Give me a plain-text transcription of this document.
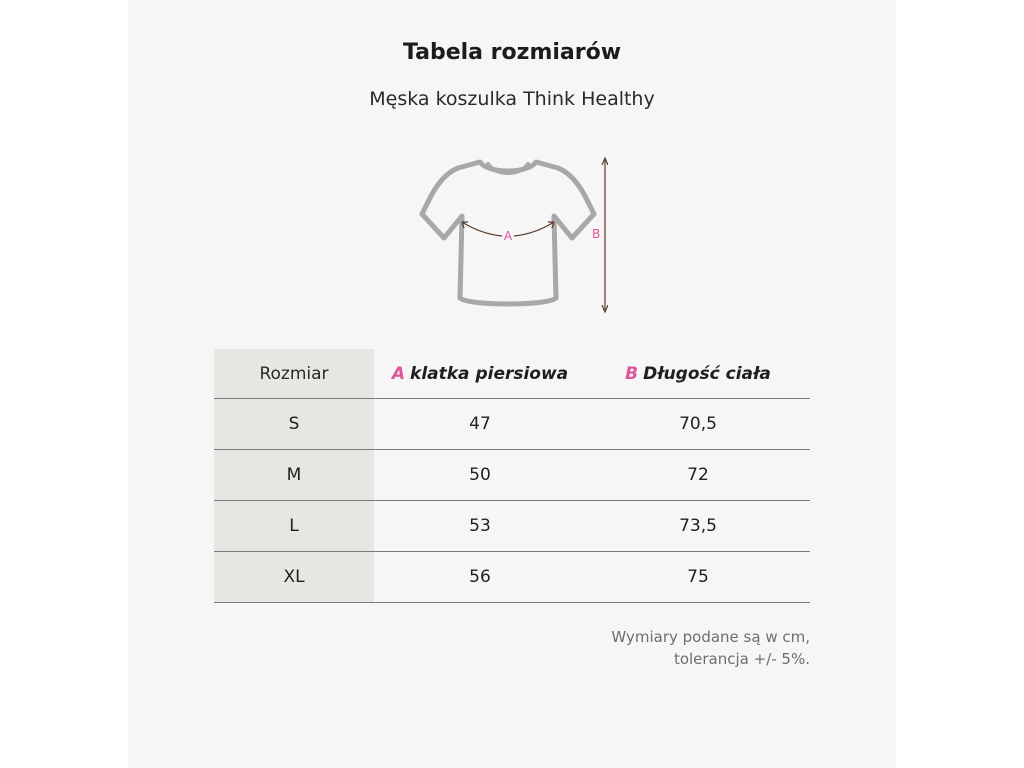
Tabela rozmiarów
Męska koszulka Think Healthy
A	B
Rozmiar	A klatka piersiowa	B Długość ciała
S	47	70,5
M	50	72
L	53	73,5
XL	56	75
Wymiary podane są w cm,
tolerancja +/- 5%.
